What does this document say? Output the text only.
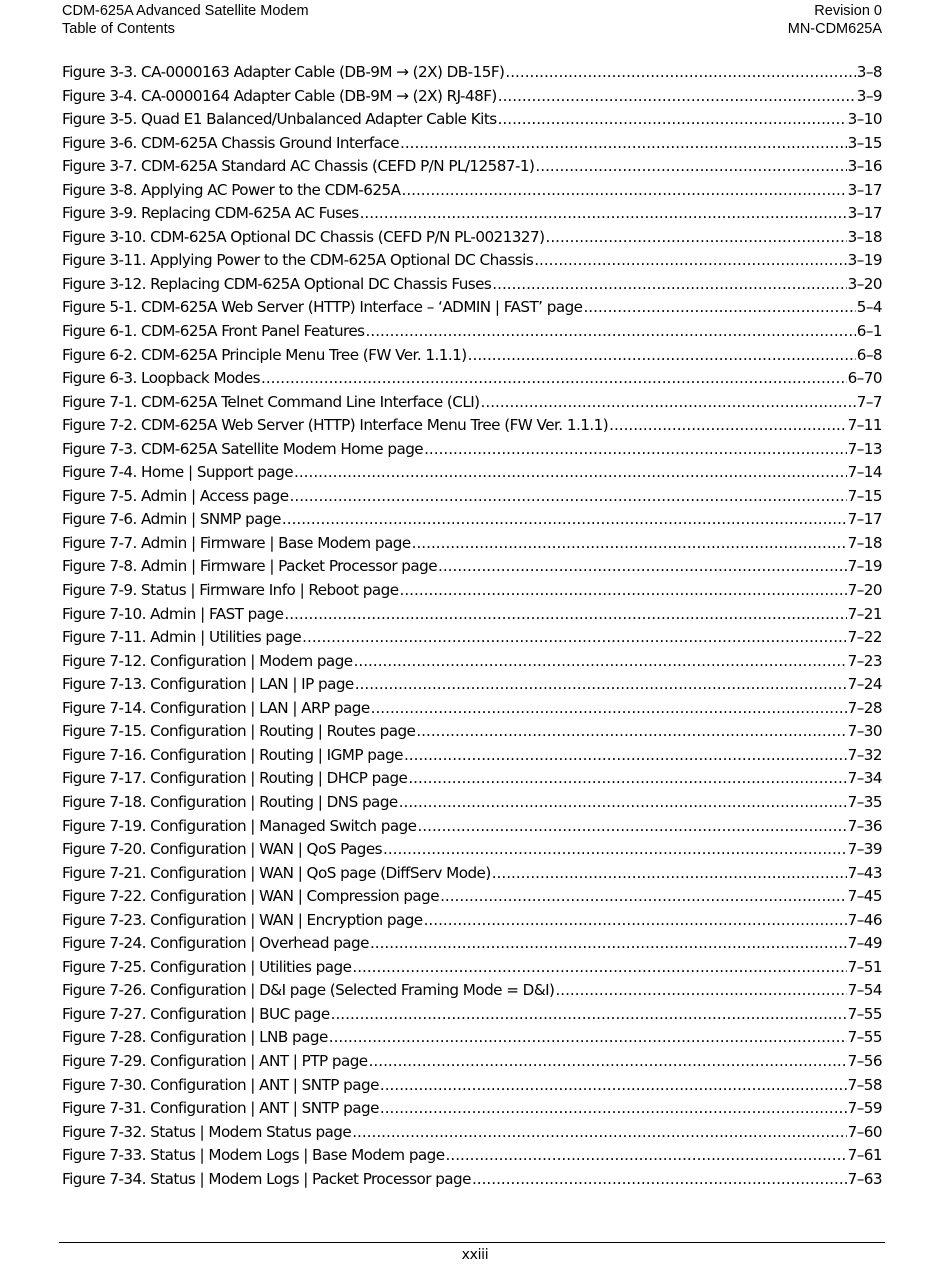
CDM-625A Advanced Satellite Modem
Table of Contents
Revision 0
MN-CDM625A
Figure 3-3. CA-0000163 Adapter Cable (DB-9M → (2X) DB-15F) .....	3–8
Figure 3-4. CA-0000164 Adapter Cable (DB-9M → (2X) RJ-48F) .....	3–9
Figure 3-5. Quad E1 Balanced/Unbalanced Adapter Cable Kits .....	3–10
Figure 3-6. CDM-625A Chassis Ground Interface .....	3–15
Figure 3-7. CDM-625A Standard AC Chassis (CEFD P/N PL/12587-1) .....	3–16
Figure 3-8. Applying AC Power to the CDM-625A .....	3–17
Figure 3-9. Replacing CDM-625A AC Fuses .....	3–17
Figure 3-10. CDM-625A Optional DC Chassis (CEFD P/N PL-0021327) .....	3–18
Figure 3-11. Applying Power to the CDM-625A Optional DC Chassis .....	3–19
Figure 3-12. Replacing CDM-625A Optional DC Chassis Fuses .....	3–20
Figure 5-1. CDM-625A Web Server (HTTP) Interface – ‘ADMIN | FAST’ page .....	5–4
Figure 6-1. CDM-625A Front Panel Features .....	6–1
Figure 6-2. CDM-625A Principle Menu Tree (FW Ver. 1.1.1) .....	6–8
Figure 6-3. Loopback Modes .....	6–70
Figure 7-1. CDM-625A Telnet Command Line Interface (CLI) .....	7–7
Figure 7-2. CDM-625A Web Server (HTTP) Interface Menu Tree (FW Ver. 1.1.1) .....	7–11
Figure 7-3. CDM-625A Satellite Modem Home page .....	7–13
Figure 7-4. Home | Support page .....	7–14
Figure 7-5. Admin | Access page .....	7–15
Figure 7-6. Admin | SNMP page .....	7–17
Figure 7-7. Admin | Firmware | Base Modem page .....	7–18
Figure 7-8. Admin | Firmware | Packet Processor page .....	7–19
Figure 7-9. Status | Firmware Info | Reboot page .....	7–20
Figure 7-10. Admin | FAST page .....	7–21
Figure 7-11. Admin | Utilities page .....	7–22
Figure 7-12. Configuration | Modem page .....	7–23
Figure 7-13. Configuration | LAN | IP page .....	7–24
Figure 7-14. Configuration | LAN | ARP page .....	7–28
Figure 7-15. Configuration | Routing | Routes page .....	7–30
Figure 7-16. Configuration | Routing | IGMP page .....	7–32
Figure 7-17. Configuration | Routing | DHCP page .....	7–34
Figure 7-18. Configuration | Routing | DNS page .....	7–35
Figure 7-19. Configuration | Managed Switch page .....	7–36
Figure 7-20. Configuration | WAN | QoS Pages .....	7–39
Figure 7-21. Configuration | WAN | QoS page (DiffServ Mode) .....	7–43
Figure 7-22. Configuration | WAN | Compression page .....	7–45
Figure 7-23. Configuration | WAN | Encryption page .....	7–46
Figure 7-24. Configuration | Overhead page .....	7–49
Figure 7-25. Configuration | Utilities page .....	7–51
Figure 7-26. Configuration | D&I page (Selected Framing Mode = D&I) .....	7–54
Figure 7-27. Configuration | BUC page .....	7–55
Figure 7-28. Configuration | LNB page .....	7–55
Figure 7-29. Configuration | ANT | PTP page .....	7–56
Figure 7-30. Configuration | ANT | SNTP page .....	7–58
Figure 7-31. Configuration | ANT | SNTP page .....	7–59
Figure 7-32. Status | Modem Status page .....	7–60
Figure 7-33. Status | Modem Logs | Base Modem page .....	7–61
Figure 7-34. Status | Modem Logs | Packet Processor page .....	7–63
xxiii
